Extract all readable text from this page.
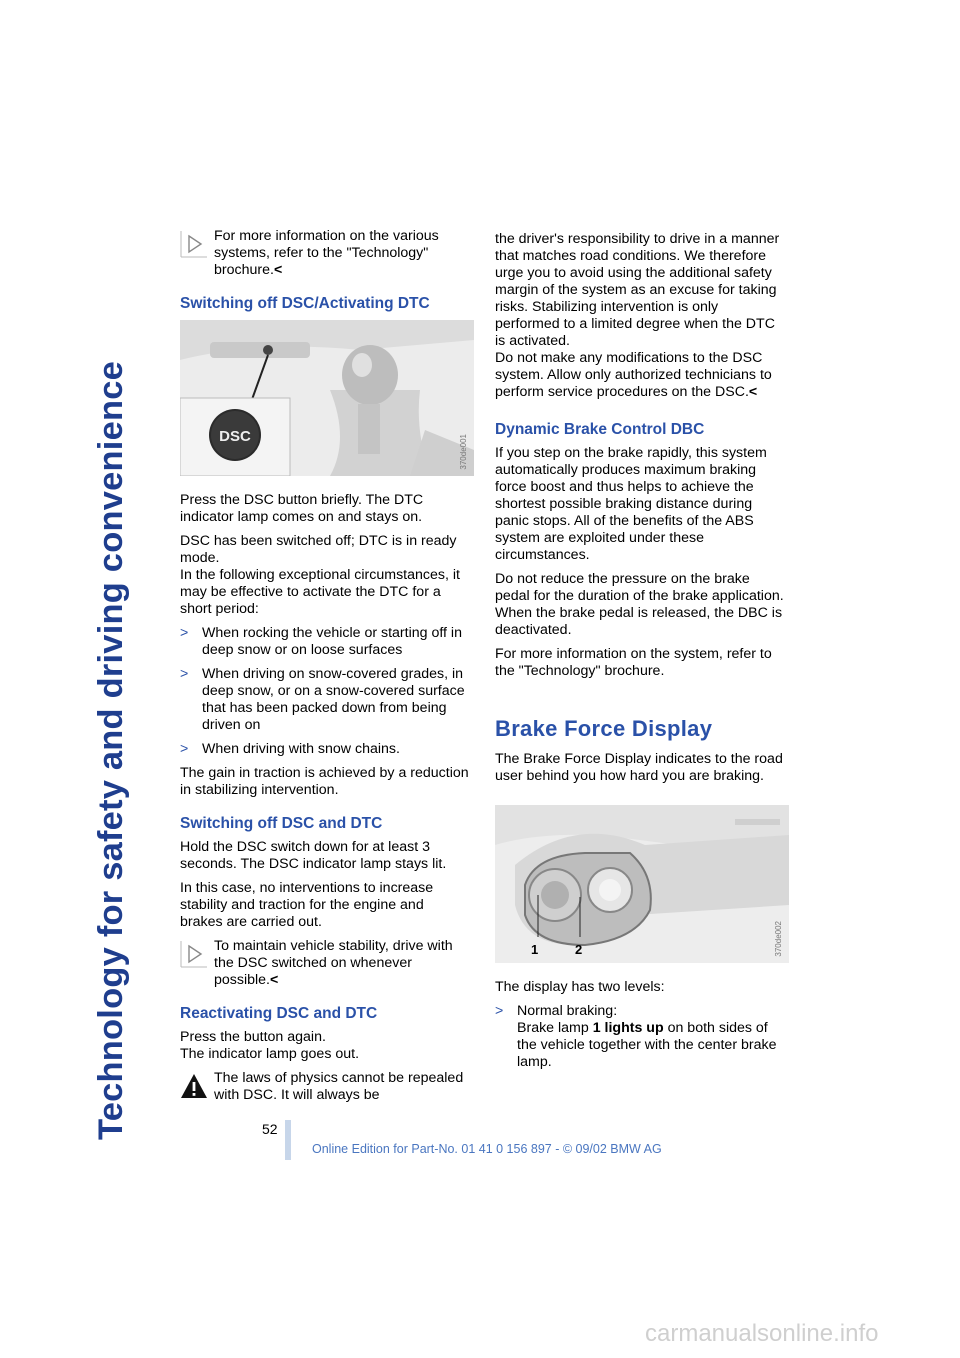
Technology for safety and driving convenience
For more information on the various systems, refer to the "Technology" brochure.<
Switching off DSC/Activating DTC
DSC	370de001

Press the DSC button briefly. The DTC indicator lamp comes on and stays on.

DSC has been switched off; DTC is in ready mode.
In the following exceptional circumstances, it may be effective to activate the DTC for a short period:

> When rocking the vehicle or starting off in deep snow or on loose surfaces
> When driving on snow-covered grades, in deep snow, or on a snow-covered surface that has been packed down from being driven on
> When driving with snow chains.

The gain in traction is achieved by a reduction in stabilizing intervention.

Switching off DSC and DTC

Hold the DSC switch down for at least 3 seconds. The DSC indicator lamp stays lit.

In this case, no interventions to increase stability and traction for the engine and brakes are carried out.

To maintain vehicle stability, drive with the DSC switched on whenever possible.<
Reactivating DSC and DTC

Press the button again.
The indicator lamp goes out.

The laws of physics cannot be repealed with DSC. It will always be

the driver's responsibility to drive in a manner that matches road conditions. We therefore urge you to avoid using the additional safety margin of the system as an excuse for taking risks. Stabilizing intervention is only performed to a limited degree when the DTC is activated.

Do not make any modifications to the DSC system. Allow only authorized technicians to perform service procedures on the DSC.<

Dynamic Brake Control DBC

If you step on the brake rapidly, this system automatically produces maximum braking force boost and thus helps to achieve the shortest possible braking distance during panic stops. All of the benefits of the ABS system are exploited under these circumstances.

Do not reduce the pressure on the brake pedal for the duration of the brake application. When the brake pedal is released, the DBC is deactivated.

For more information on the system, refer to the "Technology" brochure.

Brake Force Display

The Brake Force Display indicates to the road user behind you how hard you are braking.

1	2	370de002

The display has two levels:

> Normal braking:
Brake lamp 1 lights up on both sides of the vehicle together with the center brake lamp.
52
Online Edition for Part-No. 01 41 0 156 897 - © 09/02 BMW AG
carmanualsonline.info
